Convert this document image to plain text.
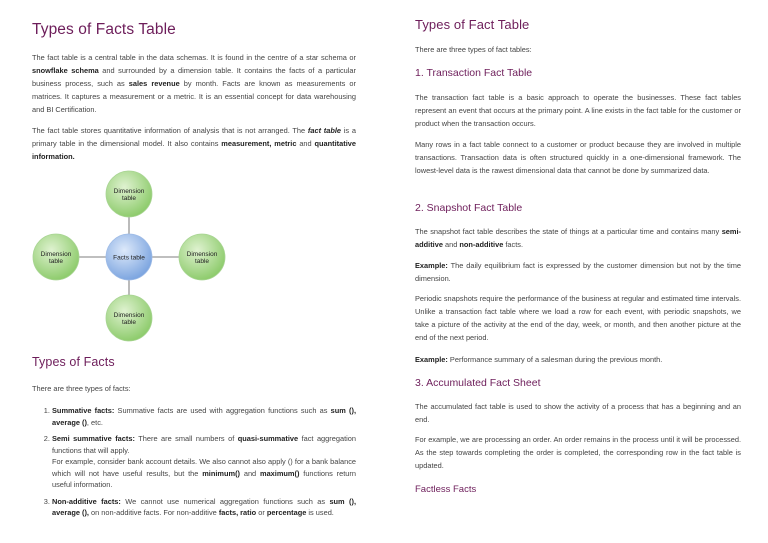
Types of Facts Table

The fact table is a central table in the data schemas. It is found in the centre of a star schema or snowflake schema and surrounded by a dimension table. It contains the facts of a particular business process, such as sales revenue by month. Facts are known as measurements or matrices. It captures a measurement or a metric. It is an essential concept for data warehousing and BI Certification.

The fact table stores quantitative information of analysis that is not arranged. The fact table is a primary table in the dimensional model. It also contains measurement, metric and quantitative information.

Dimension
table
Dimension
table
Dimension
table
Dimension
table
Facts table
Types of Facts

There are three types of facts:

1. Summative facts: Summative facts are used with aggregation functions such as sum (), average (), etc.
2. Semi summative facts: There are small numbers of quasi-summative fact aggregation functions that will apply.
For example, consider bank account details. We also cannot also apply () for a bank balance which will not have useful results, but the minimum() and maximum() functions return useful information.
3. Non-additive facts: We cannot use numerical aggregation functions such as sum (), average (), on non-additive facts. For non-additive facts, ratio or percentage is used.
Types of Fact Table

There are three types of fact tables:

1. Transaction Fact Table

The transaction fact table is a basic approach to operate the businesses. These fact tables represent an event that occurs at the primary point. A line exists in the fact table for the customer or product when the transaction occurs.

Many rows in a fact table connect to a customer or product because they are involved in multiple transactions. Transaction data is often structured quickly in a one-dimensional framework. The lowest-level data is the rawest dimensional data that cannot be done by summarized data.

2. Snapshot Fact Table

The snapshot fact table describes the state of things at a particular time and contains many semi-additive and non-additive facts.

Example: The daily equilibrium fact is expressed by the customer dimension but not by the time dimension.

Periodic snapshots require the performance of the business at regular and estimated time intervals. Unlike a transaction fact table where we load a row for each event, with periodic snapshots, we take a picture of the activity at the end of the day, week, or month, and then another picture at the end of the next period.

Example: Performance summary of a salesman during the previous month.

3. Accumulated Fact Sheet

The accumulated fact table is used to show the activity of a process that has a beginning and an end.

For example, we are processing an order. An order remains in the process until it will be processed. As the step towards completing the order is completed, the corresponding row in the fact table is updated.

Factless Facts
